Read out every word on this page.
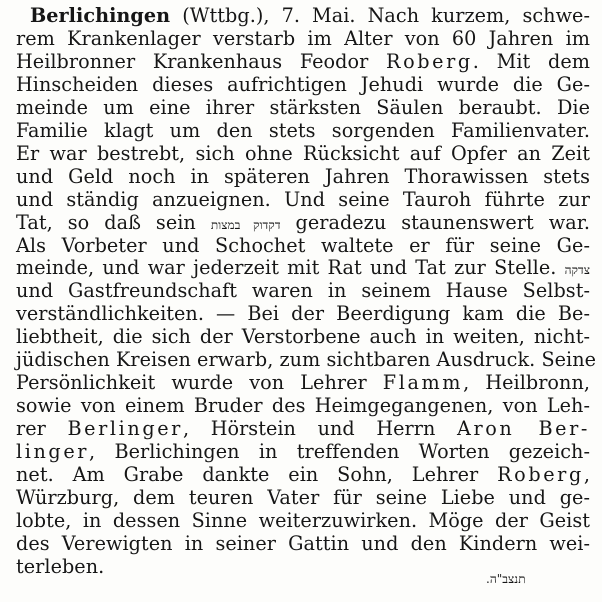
Berlichingen (Wttbg.), 7. Mai. Nach kurzem, schwe-
rem Krankenlager verstarb im Alter von 60 Jahren im
Heilbronner Krankenhaus Feodor Roberg. Mit dem
Hinscheiden dieses aufrichtigen Jehudi wurde die Ge-
meinde um eine ihrer stärksten Säulen beraubt. Die
Familie klagt um den stets sorgenden Familienvater.
Er war bestrebt, sich ohne Rücksicht auf Opfer an Zeit
und Geld noch in späteren Jahren Thorawissen stets
und ständig anzueignen. Und seine Tauroh führte zur
Tat, so daß sein דקדוק במצות geradezu staunenswert war.
Als Vorbeter und Schochet waltete er für seine Ge-
meinde, und war jederzeit mit Rat und Tat zur Stelle. צדקה
und Gastfreundschaft waren in seinem Hause Selbst-
verständlichkeiten. — Bei der Beerdigung kam die Be-
liebtheit, die sich der Verstorbene auch in weiten, nicht-
jüdischen Kreisen erwarb, zum sichtbaren Ausdruck. Seine
Persönlichkeit wurde von Lehrer Flamm, Heilbronn,
sowie von einem Bruder des Heimgegangenen, von Leh-
rer Berlinger, Hörstein und Herrn Aron Ber-
linger, Berlichingen in treffenden Worten gezeich-
net. Am Grabe dankte ein Sohn, Lehrer Roberg,
Würzburg, dem teuren Vater für seine Liebe und ge-
lobte, in dessen Sinne weiterzuwirken. Möge der Geist
des Verewigten in seiner Gattin und den Kindern wei-
terleben.
תנצב"ה.
